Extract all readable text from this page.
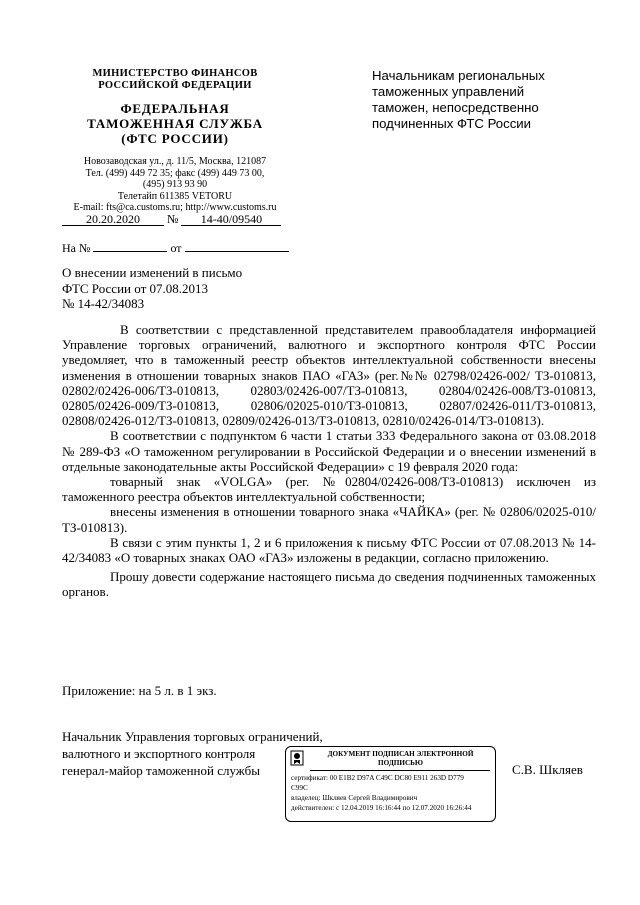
МИНИСТЕРСТВО ФИНАНСОВ
РОССИЙСКОЙ ФЕДЕРАЦИИ
ФЕДЕРАЛЬНАЯ
ТАМОЖЕННАЯ СЛУЖБА
(ФТС РОССИИ)
Новозаводская ул., д. 11/5, Москва, 121087
Тел. (499) 449 72 35; факс (499) 449 73 00,
(495) 913 93 90
Телетайп 611385 VETORU
E-mail: fts@ca.customs.ru; http://www.customs.ru
20.20.2020 № 14-40/09540
На №	от
Начальникам региональных
таможенных управлений
таможен, непосредственно
подчиненных ФТС России
О внесении изменений в письмо
ФТС России от 07.08.2013
№ 14-42/34083

В соответствии с представленной представителем правообладателя информацией Управление торговых ограничений, валютного и экспортного контроля ФТС России уведомляет, что в таможенный реестр объектов интеллектуальной собственности внесены изменения в отношении товарных знаков ПАО «ГАЗ» (рег.№№ 02798/02426-002/ ТЗ-010813, 02802/02426-006/ТЗ-010813, 02803/02426-007/ТЗ-010813, 02804/02426-008/ТЗ-010813, 02805/02426-009/ТЗ-010813, 02806/02025-010/ТЗ-010813, 02807/02426-011/ТЗ-010813, 02808/02426-012/ТЗ-010813, 02809/02426-013/ТЗ-010813, 02810/02426-014/ТЗ-010813).

В соответствии с подпунктом 6 части 1 статьи 333 Федерального закона от 03.08.2018 № 289-ФЗ «О таможенном регулировании в Российской Федерации и о внесении изменений в отдельные законодательные акты Российской Федерации» с 19 февраля 2020 года:

товарный знак «VOLGA» (рег. №02804/02426-008/ТЗ-010813) исключен из таможенного реестра объектов интеллектуальной собственности;

внесены изменения в отношении товарного знака «ЧАЙКА» (рег. № 02806/02025-010/ТЗ-010813).

В связи с этим пункты 1, 2 и 6 приложения к письму ФТС России от 07.08.2013 № 14-42/34083 «О товарных знаках ОАО «ГАЗ» изложены в редакции, согласно приложению.

Прошу довести содержание настоящего письма до сведения подчиненных таможенных органов.

Приложение: на 5 л. в 1 экз.
Начальник Управления торговых ограничений,
валютного и экспортного контроля
генерал-майор таможенной службы
ДОКУМЕНТ ПОДПИСАН ЭЛЕКТРОННОЙ
ПОДПИСЬЮ
сертификат: 00 E1B2 D97A C49C DC80 E911 263D D779
C99C
владелец: Шкляев Сергей Владимирович
действителен: с 12.04.2019 16:16:44 по 12.07.2020 16:26:44
С.В. Шкляев
